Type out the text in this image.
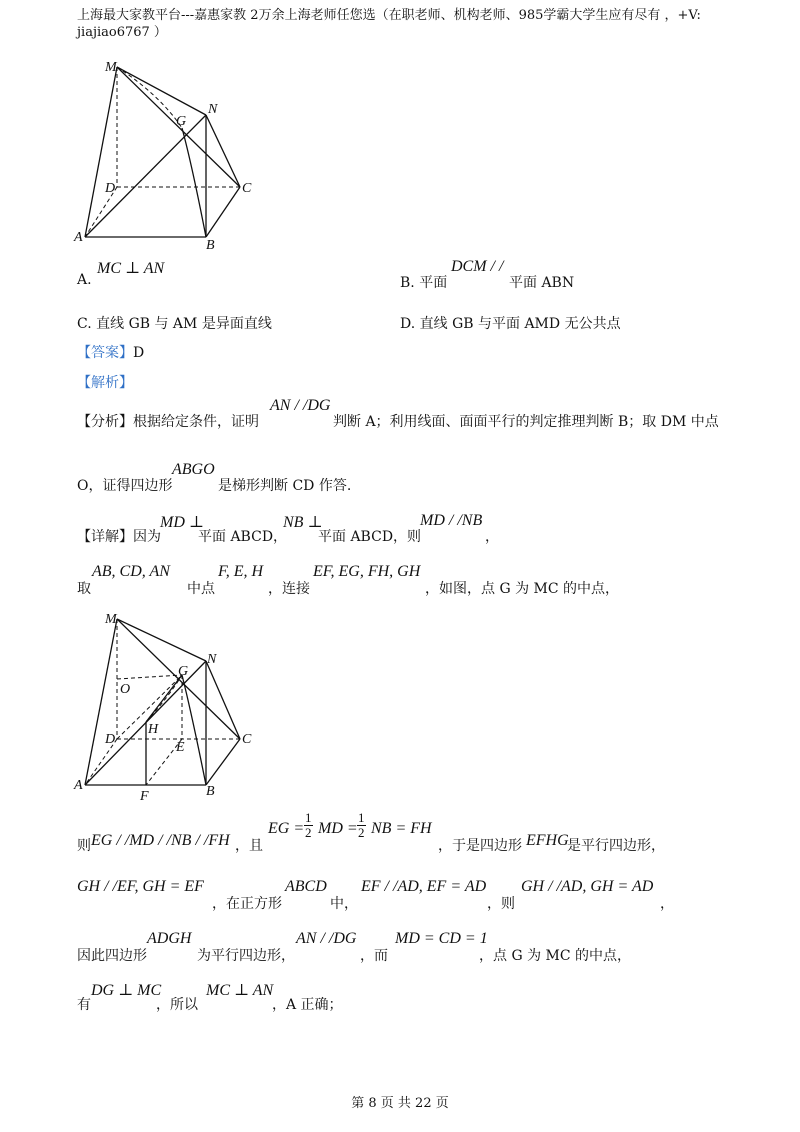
上海最大家教平台---嘉惠家教 2万余上海老师任您选（在职老师、机构老师、985学霸大学生应有尽有 ，+V:
jiajiao6767 ）
M
N
G
D	C
A
B
A.
MC ⊥ AN
B. 平面
DCM / /
平面 ABN
C. 直线 GB 与 AM 是异面直线	D. 直线 GB 与平面 AMD 无公共点
【答案】D
【解析】
【分析】根据给定条件，证明
AN / /DG
判断 A；利用线面、面面平行的判定推理判断 B；取 DM 中点
O，证得四边形
ABGO
是梯形判断 CD 作答.
【详解】因为
MD ⊥
平面 ABCD，
NB ⊥
平面 ABCD，则
MD / /NB
，
取
AB, CD, AN
中点
F, E, H
，连接
EF, EG, FH, GH
，如图，点 G 为 MC 的中点，
M
N
G
O
D
H
E
C
A
F	B
则 EG / /MD / /NB / /FH ，且
EG = $\frac{1}{2}$ MD = $\frac{1}{2}$ NB = FH
，于是四边形 EFHG
是平行四边形，
GH / /EF, GH = EF
，在正方形
ABCD
中，
EF / /AD, EF = AD
，则
GH / /AD, GH = AD
，
因此四边形
ADGH
为平行四边形，
AN / /DG
，而
MD = CD = 1
，点 G 为 MC 的中点，
有
DG ⊥ MC
，所以
MC ⊥ AN
，A 正确；
第 8 页 共 22 页
